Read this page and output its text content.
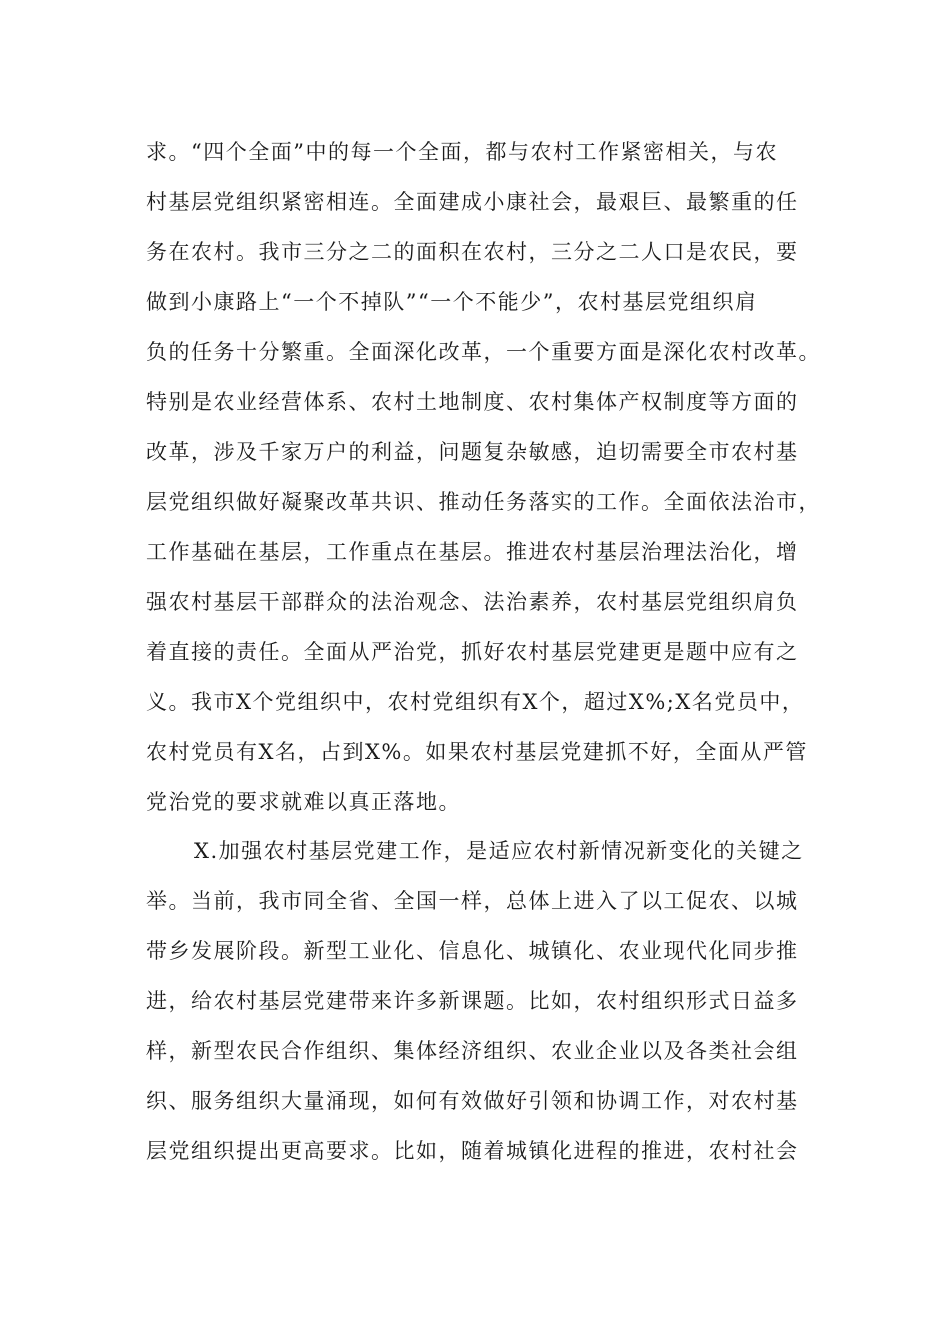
求。“四个全面”中的每一个全面，都与农村工作紧密相关，与农
村基层党组织紧密相连。全面建成小康社会，最艰巨、最繁重的任
务在农村。我市三分之二的面积在农村，三分之二人口是农民，要
做到小康路上“一个不掉队”“一个不能少”，农村基层党组织肩
负的任务十分繁重。全面深化改革，一个重要方面是深化农村改革。
特别是农业经营体系、农村土地制度、农村集体产权制度等方面的
改革，涉及千家万户的利益，问题复杂敏感，迫切需要全市农村基
层党组织做好凝聚改革共识、推动任务落实的工作。全面依法治市，
工作基础在基层，工作重点在基层。推进农村基层治理法治化，增
强农村基层干部群众的法治观念、法治素养，农村基层党组织肩负
着直接的责任。全面从严治党，抓好农村基层党建更是题中应有之
义。我市X个党组织中，农村党组织有X个，超过X%;X名党员中，
农村党员有X名，占到X%。如果农村基层党建抓不好，全面从严管
党治党的要求就难以真正落地。
X.加强农村基层党建工作，是适应农村新情况新变化的关键之
举。当前，我市同全省、全国一样，总体上进入了以工促农、以城
带乡发展阶段。新型工业化、信息化、城镇化、农业现代化同步推
进，给农村基层党建带来许多新课题。比如，农村组织形式日益多
样，新型农民合作组织、集体经济组织、农业企业以及各类社会组
织、服务组织大量涌现，如何有效做好引领和协调工作，对农村基
层党组织提出更高要求。比如，随着城镇化进程的推进，农村社会
